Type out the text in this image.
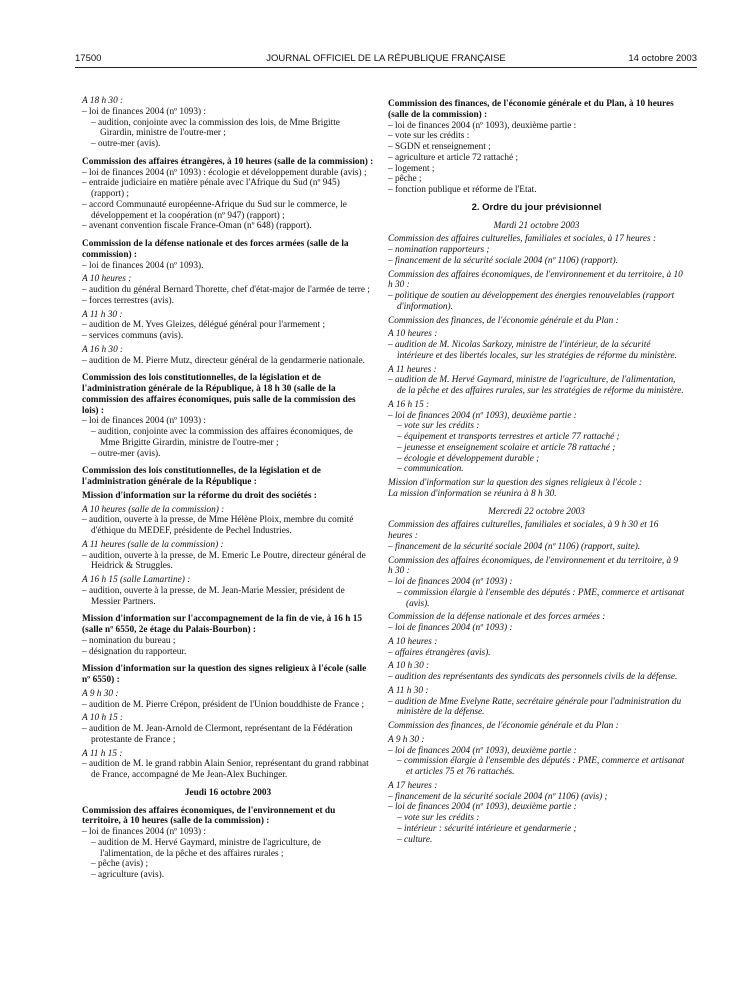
17500	JOURNAL OFFICIEL DE LA RÉPUBLIQUE FRANÇAISE	14 octobre 2003
A 18 h 30 :
– loi de finances 2004 (nº 1093) :
– audition, conjointe avec la commission des lois, de Mme Brigitte Girardin, ministre de l'outre-mer ;
– outre-mer (avis).
Commission des affaires étrangères, à 10 heures (salle de la commission) :
– loi de finances 2004 (nº 1093) : écologie et développement durable (avis) ;
– entraide judiciaire en matière pénale avec l'Afrique du Sud (nº 945) (rapport) ;
– accord Communauté européenne-Afrique du Sud sur le commerce, le développement et la coopération (nº 947) (rapport) ;
– avenant convention fiscale France-Oman (nº 648) (rapport).
Commission de la défense nationale et des forces armées (salle de la commission) :
– loi de finances 2004 (nº 1093).
A 10 heures :
– audition du général Bernard Thorette, chef d'état-major de l'armée de terre ;
– forces terrestres (avis).
A 11 h 30 :
– audition de M. Yves Gleizes, délégué général pour l'armement ;
– services communs (avis).
A 16 h 30 :
– audition de M. Pierre Mutz, directeur général de la gendarmerie nationale.
Commission des lois constitutionnelles, de la législation et de l'administration générale de la République, à 18 h 30 (salle de la commission des affaires économiques, puis salle de la commission des lois) :
– loi de finances 2004 (nº 1093) :
– audition, conjointe avec la commission des affaires économiques, de Mme Brigitte Girardin, ministre de l'outre-mer ;
– outre-mer (avis).
Commission des lois constitutionnelles, de la législation et de l'administration générale de la République :
Mission d'information sur la réforme du droit des sociétés :
A 10 heures (salle de la commission) :
– audition, ouverte à la presse, de Mme Hélène Ploix, membre du comité d'éthique du MEDEF, présidente de Pechel Industries.
A 11 heures (salle de la commission) :
– audition, ouverte à la presse, de M. Emeric Le Poutre, directeur général de Heidrick & Struggles.
A 16 h 15 (salle Lamartine) :
– audition, ouverte à la presse, de M. Jean-Marie Messier, président de Messier Partners.
Mission d'information sur l'accompagnement de la fin de vie, à 16 h 15 (salle nº 6550, 2e étage du Palais-Bourbon) :
– nomination du bureau ;
– désignation du rapporteur.
Mission d'information sur la question des signes religieux à l'école (salle nº 6550) :
A 9 h 30 :
– audition de M. Pierre Crépon, président de l'Union bouddhiste de France ;
A 10 h 15 :
– audition de M. Jean-Arnold de Clermont, représentant de la Fédération protestante de France ;
A 11 h 15 :
– audition de M. le grand rabbin Alain Senior, représentant du grand rabbinat de France, accompagné de Me Jean-Alex Buchinger.
Jeudi 16 octobre 2003
Commission des affaires économiques, de l'environnement et du territoire, à 10 heures (salle de la commission) :
– loi de finances 2004 (nº 1093) :
– audition de M. Hervé Gaymard, ministre de l'agriculture, de l'alimentation, de la pêche et des affaires rurales ;
– pêche (avis) ;
– agriculture (avis).
Commission des finances, de l'économie générale et du Plan, à 10 heures (salle de la commission) :
– loi de finances 2004 (nº 1093), deuxième partie :
– vote sur les crédits :
– SGDN et renseignement ;
– agriculture et article 72 rattaché ;
– logement ;
– pêche ;
– fonction publique et réforme de l'Etat.
2. Ordre du jour prévisionnel
Mardi 21 octobre 2003
Commission des affaires culturelles, familiales et sociales, à 17 heures :
– nomination rapporteurs ;
– financement de la sécurité sociale 2004 (nº 1106) (rapport).
Commission des affaires économiques, de l'environnement et du territoire, à 10 h 30 :
– politique de soutien au développement des énergies renouvelables (rapport d'information).
Commission des finances, de l'économie générale et du Plan :
A 10 heures :
– audition de M. Nicolas Sarkozy, ministre de l'intérieur, de la sécurité intérieure et des libertés locales, sur les stratégies de réforme du ministère.
A 11 heures :
– audition de M. Hervé Gaymard, ministre de l'agriculture, de l'alimentation, de la pêche et des affaires rurales, sur les stratégies de réforme du ministère.
A 16 h 15 :
– loi de finances 2004 (nº 1093), deuxième partie :
– vote sur les crédits :
– équipement et transports terrestres et article 77 rattaché ;
– jeunesse et enseignement scolaire et article 78 rattaché ;
– écologie et développement durable ;
– communication.
Mission d'information sur la question des signes religieux à l'école :
La mission d'information se réunira à 8 h 30.
Mercredi 22 octobre 2003
Commission des affaires culturelles, familiales et sociales, à 9 h 30 et 16 heures :
– financement de la sécurité sociale 2004 (nº 1106) (rapport, suite).
Commission des affaires économiques, de l'environnement et du territoire, à 9 h 30 :
– loi de finances 2004 (nº 1093) :
– commission élargie à l'ensemble des députés : PME, commerce et artisanat (avis).
Commission de la défense nationale et des forces armées :
– loi de finances 2004 (nº 1093) :
A 10 heures :
– affaires étrangères (avis).
A 10 h 30 :
– audition des représentants des syndicats des personnels civils de la défense.
A 11 h 30 :
– audition de Mme Evelyne Ratte, secrétaire générale pour l'administration du ministère de la défense.
Commission des finances, de l'économie générale et du Plan :
A 9 h 30 :
– loi de finances 2004 (nº 1093), deuxième partie :
– commission élargie à l'ensemble des députés : PME, commerce et artisanat et articles 75 et 76 rattachés.
A 17 heures :
– financement de la sécurité sociale 2004 (nº 1106) (avis) ;
– loi de finances 2004 (nº 1093), deuxième partie :
– vote sur les crédits :
– intérieur : sécurité intérieure et gendarmerie ;
– culture.
